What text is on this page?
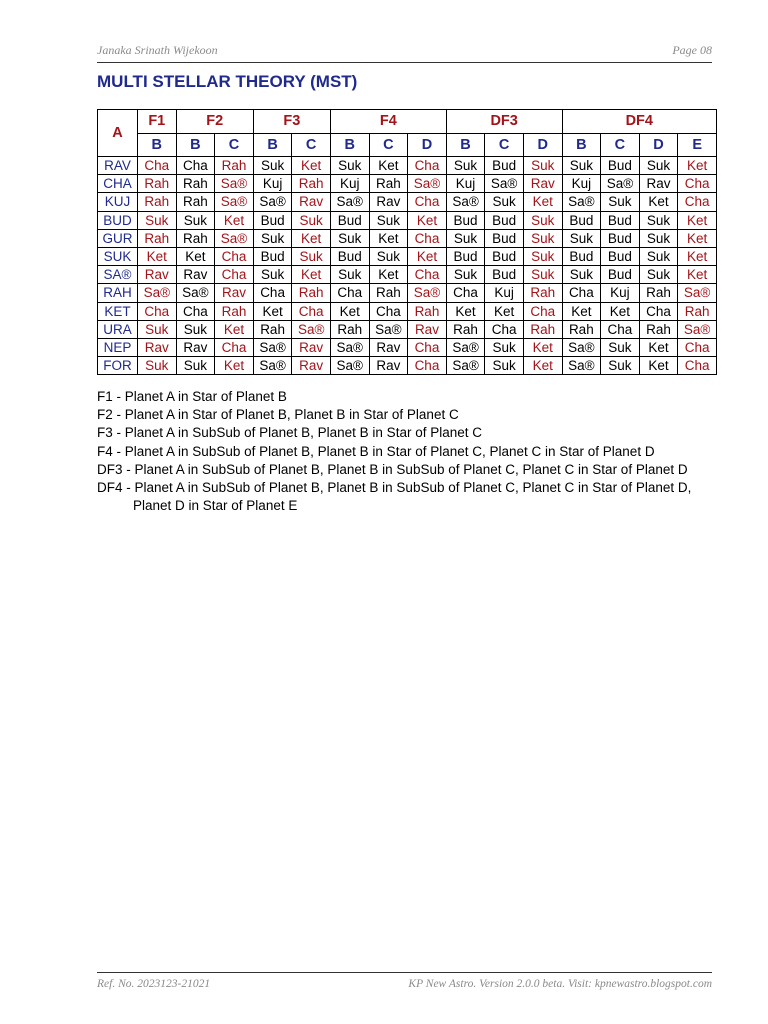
Janaka Srinath Wijekoon	Page 08
MULTI STELLAR THEORY (MST)
A	F1	F2		F3		F4			DF3			DF4			
	B	B	C	B	C	B	C	D	B	C	D	B	C	D	E
RAV	Cha	Cha	Rah	Suk	Ket	Suk	Ket	Cha	Suk	Bud	Suk	Suk	Bud	Suk	Ket
CHA	Rah	Rah	Sa®	Kuj	Rah	Kuj	Rah	Sa®	Kuj	Sa®	Rav	Kuj	Sa®	Rav	Cha
KUJ	Rah	Rah	Sa®	Sa®	Rav	Sa®	Rav	Cha	Sa®	Suk	Ket	Sa®	Suk	Ket	Cha
BUD	Suk	Suk	Ket	Bud	Suk	Bud	Suk	Ket	Bud	Bud	Suk	Bud	Bud	Suk	Ket
GUR	Rah	Rah	Sa®	Suk	Ket	Suk	Ket	Cha	Suk	Bud	Suk	Suk	Bud	Suk	Ket
SUK	Ket	Ket	Cha	Bud	Suk	Bud	Suk	Ket	Bud	Bud	Suk	Bud	Bud	Suk	Ket
SA®	Rav	Rav	Cha	Suk	Ket	Suk	Ket	Cha	Suk	Bud	Suk	Suk	Bud	Suk	Ket
RAH	Sa®	Sa®	Rav	Cha	Rah	Cha	Rah	Sa®	Cha	Kuj	Rah	Cha	Kuj	Rah	Sa®
KET	Cha	Cha	Rah	Ket	Cha	Ket	Cha	Rah	Ket	Ket	Cha	Ket	Ket	Cha	Rah
URA	Suk	Suk	Ket	Rah	Sa®	Rah	Sa®	Rav	Rah	Cha	Rah	Rah	Cha	Rah	Sa®
NEP	Rav	Rav	Cha	Sa®	Rav	Sa®	Rav	Cha	Sa®	Suk	Ket	Sa®	Suk	Ket	Cha
FOR	Suk	Suk	Ket	Sa®	Rav	Sa®	Rav	Cha	Sa®	Suk	Ket	Sa®	Suk	Ket	Cha
F1 - Planet A in Star of Planet B
F2 - Planet A in Star of Planet B, Planet B in Star of Planet C
F3 - Planet A in SubSub of Planet B, Planet B in Star of Planet C
F4 - Planet A in SubSub of Planet B, Planet B in Star of Planet C, Planet C in Star of Planet D
DF3 - Planet A in SubSub of Planet B, Planet B in SubSub of Planet C, Planet C in Star of Planet D
DF4 - Planet A in SubSub of Planet B, Planet B in SubSub of Planet C, Planet C in Star of Planet D,
Planet D in Star of Planet E
Ref. No. 2023123-21021	KP New Astro. Version 2.0.0 beta. Visit: kpnewastro.blogspot.com
